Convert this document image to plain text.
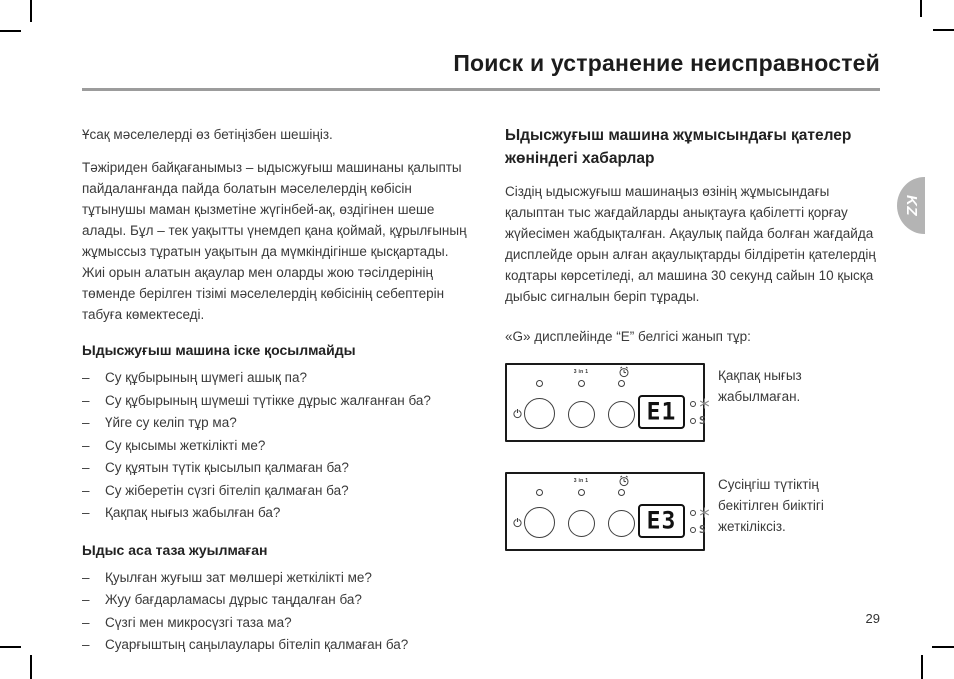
Поиск и устранение неисправностей

Ұсақ мәселелерді өз бетіңізбен шешіңіз.

Тәжіриден байқағанымыз – ыдысжуғыш машинаны қалыпты пайдаланғанда пайда болатын мәселелердің көбісін тұтынушы маман қызметіне жүгінбей-ақ, өздігінен шеше алады. Бұл – тек уақытты үнемдеп қана қоймай, құрылғының жұмыссыз тұратын уақытын да мүмкіндігінше қысқартады. Жиі орын алатын ақаулар мен оларды жою тәсілдерінің төменде берілген тізімі мәселелердің көбісінің себептерін табуға көмектеседі.

Ыдысжуғыш машина іске қосылмайды
–	Су құбырының шүмегі ашық па?
–	Су құбырының шүмеші түтікке дұрыс жалғанған ба?
–	Үйге су келіп тұр ма?
–	Су қысымы жеткілікті ме?
–	Су құятын түтік қысылып қалмаған ба?
–	Су жіберетін сүзгі бітеліп қалмаған ба?
–	Қақпақ нығыз жабылған ба?
Ыдыс аса таза жуылмаған
–	Қуылған жуғыш зат мөлшері жеткілікті ме?
–	Жуу бағдарламасы дұрыс таңдалған ба?
–	Сүзгі мен микросүзгі таза ма?
–	Суарғыштың саңылаулары бітеліп қалмаған ба?
Ыдысжуғыш машина жұмысындағы қателер жөніндегі хабарлар

Сіздің ыдысжуғыш машинаңыз өзінің жұмысындағы қалыптан тыс жағдайларды анықтауға қабілетті қорғау жүйесімен жабдықталған. Ақаулық пайда болған жағдайда дисплейде орын алған ақаулықтарды білдіретін қателердің кодтары көрсетіледі, ал машина 30 секунд сайын 10 қысқа дыбыс сигналын беріп тұрады.

«G» дисплейінде “Е” белгісі жанып тұр:

3 in 1
E1 S
Қақпақ нығыз жабылмаған.
3 in 1
E3 S
Сусіңгіш түтіктің бекітілген биіктігі жеткіліксіз.
KZ
29
